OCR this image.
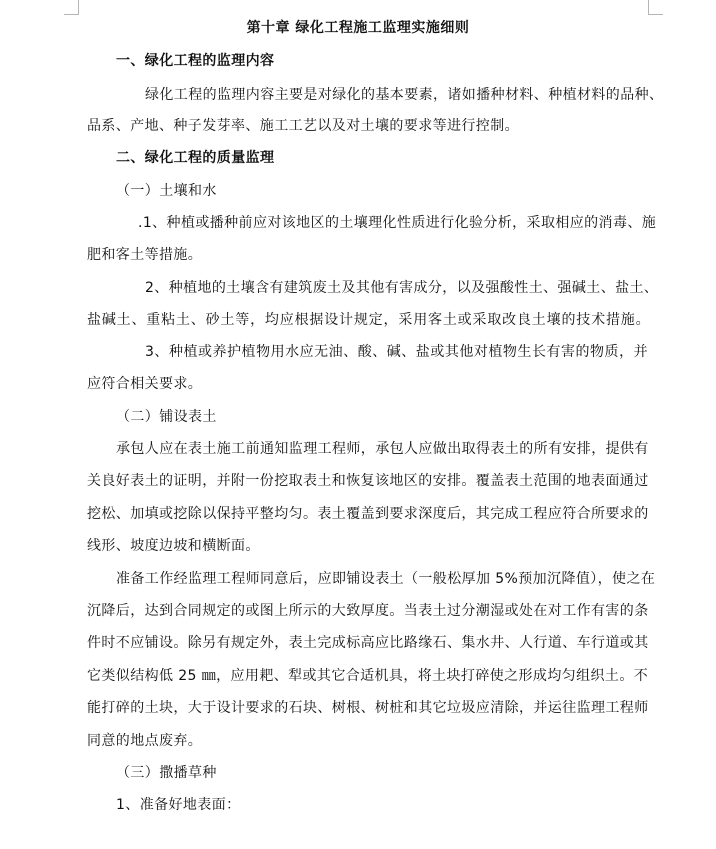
第十章 绿化工程施工监理实施细则
一、绿化工程的监理内容
绿化工程的监理内容主要是对绿化的基本要素，诸如播种材料、种植材料的品种、
品系、产地、种子发芽率、施工工艺以及对土壤的要求等进行控制。
二、绿化工程的质量监理
（一）土壤和水
.1、种植或播种前应对该地区的土壤理化性质进行化验分析，采取相应的消毒、施
肥和客土等措施。
2、种植地的土壤含有建筑废土及其他有害成分，以及强酸性土、强碱土、盐土、
盐碱土、重粘土、砂土等，均应根据设计规定，采用客土或采取改良土壤的技术措施。
3、种植或养护植物用水应无油、酸、碱、盐或其他对植物生长有害的物质，并
应符合相关要求。
（二）铺设表土
承包人应在表土施工前通知监理工程师，承包人应做出取得表土的所有安排，提供有
关良好表土的证明，并附一份挖取表土和恢复该地区的安排。覆盖表土范围的地表面通过
挖松、加填或挖除以保持平整均匀。表土覆盖到要求深度后，其完成工程应符合所要求的
线形、坡度边坡和横断面。
准备工作经监理工程师同意后，应即铺设表土（一般松厚加 5%预加沉降值），使之在
沉降后，达到合同规定的或图上所示的大致厚度。当表土过分潮湿或处在对工作有害的条
件时不应铺设。除另有规定外，表土完成标高应比路缘石、集水井、人行道、车行道或其
它类似结构低 25 ㎜，应用耙、犁或其它合适机具，将土块打碎使之形成均匀组织土。不
能打碎的土块，大于设计要求的石块、树根、树桩和其它垃圾应清除，并运往监理工程师
同意的地点废弃。
（三）撒播草种
1、准备好地表面：
